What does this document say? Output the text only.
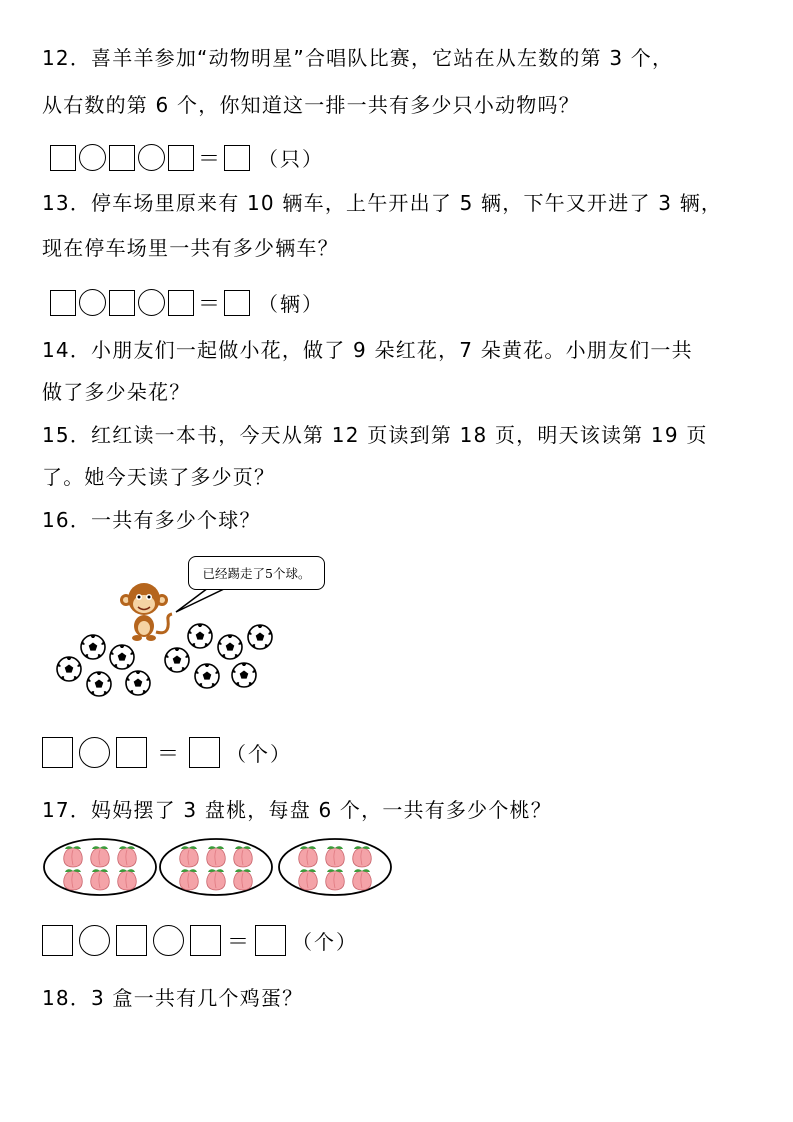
12．喜羊羊参加“动物明星”合唱队比赛，它站在从左数的第 3 个，
从右数的第 6 个，你知道这一排一共有多少只小动物吗？
＝ （只）
13．停车场里原来有 10 辆车，上午开出了 5 辆，下午又开进了 3 辆，
现在停车场里一共有多少辆车？
＝ （辆）
14．小朋友们一起做小花，做了 9 朵红花，7 朵黄花。小朋友们一共
做了多少朵花？
15．红红读一本书，今天从第 12 页读到第 18 页，明天该读第 19 页
了。她今天读了多少页？
16．一共有多少个球？
已经踢走了5个球。
＝ （个）
17．妈妈摆了 3 盘桃，每盘 6 个，一共有多少个桃？
＝ （个）
18．3 盒一共有几个鸡蛋？
